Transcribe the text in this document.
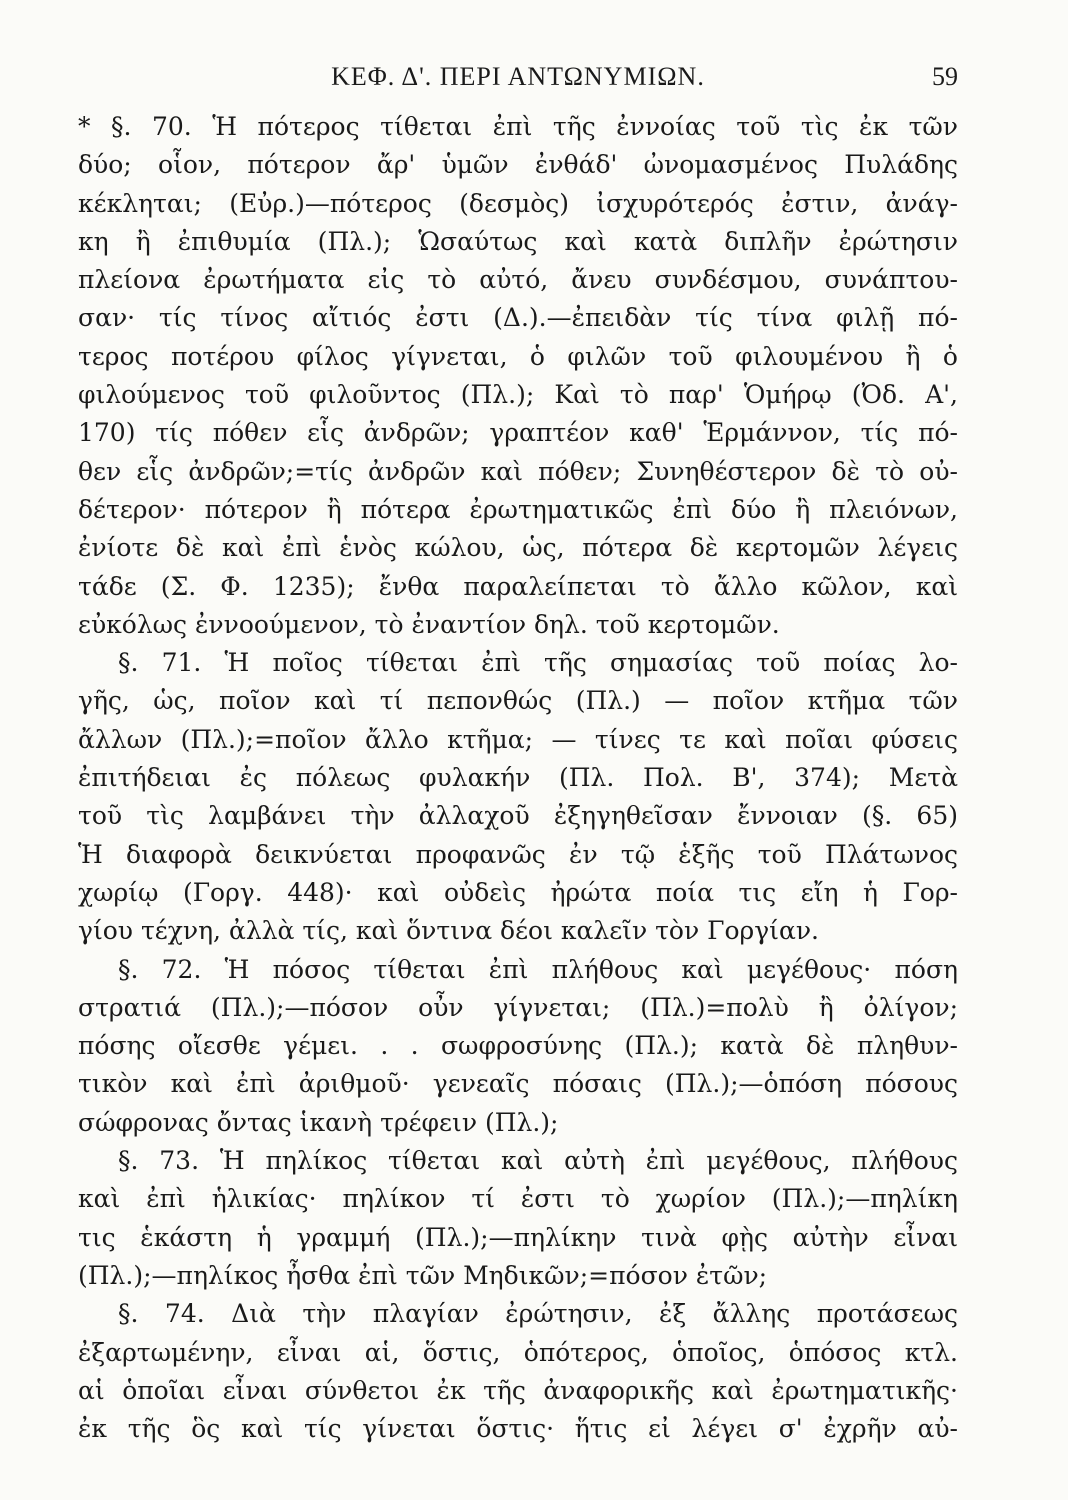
ΚΕΦ. Δ'. ΠΕΡΙ ΑΝΤΩΝΥΜΙΩΝ.	59
* §. 70. Ἡ πότερος τίθεται ἐπὶ τῆς ἐννοίας τοῦ τὶς ἐκ τῶν
δύο; οἷον, πότερον ἄρ' ὑμῶν ἐνθάδ' ὠνομασμένος Πυλάδης
κέκληται; (Εὐρ.)—πότερος (δεσμὸς) ἰσχυρότερός ἐστιν, ἀνάγ-
κη ἢ ἐπιθυμία (Πλ.); Ὡσαύτως καὶ κατὰ διπλῆν ἐρώτησιν
πλείονα ἐρωτήματα εἰς τὸ αὐτό, ἄνευ συνδέσμου, συνάπτου-
σαν· τίς τίνος αἴτιός ἐστι (Δ.).—ἐπειδὰν τίς τίνα φιλῇ πό-
τερος ποτέρου φίλος γίγνεται, ὁ φιλῶν τοῦ φιλουμένου ἢ ὁ
φιλούμενος τοῦ φιλοῦντος (Πλ.); Καὶ τὸ παρ' Ὁμήρῳ (Ὀδ. Α',
170) τίς πόθεν εἷς ἀνδρῶν; γραπτέον καθ' Ἑρμάννον, τίς πό-
θεν εἷς ἀνδρῶν;=τίς ἀνδρῶν καὶ πόθεν; Συνηθέστερον δὲ τὸ οὐ-
δέτερον· πότερον ἢ πότερα ἐρωτηματικῶς ἐπὶ δύο ἢ πλειόνων,
ἐνίοτε δὲ καὶ ἐπὶ ἑνὸς κώλου, ὡς, πότερα δὲ κερτομῶν λέγεις
τάδε (Σ. Φ. 1235); ἔνθα παραλείπεται τὸ ἄλλο κῶλον, καὶ
εὐκόλως ἐννοούμενον, τὸ ἐναντίον δηλ. τοῦ κερτομῶν.
§. 71. Ἡ ποῖος τίθεται ἐπὶ τῆς σημασίας τοῦ ποίας λο-
γῆς, ὡς, ποῖον καὶ τί πεπονθώς (Πλ.) — ποῖον κτῆμα τῶν
ἄλλων (Πλ.);=ποῖον ἄλλο κτῆμα; — τίνες τε καὶ ποῖαι φύσεις
ἐπιτήδειαι ἐς πόλεως φυλακήν (Πλ. Πολ. Β', 374); Μετὰ
τοῦ τὶς λαμβάνει τὴν ἀλλαχοῦ ἐξηγηθεῖσαν ἔννοιαν (§. 65)
Ἡ διαφορὰ δεικνύεται προφανῶς ἐν τῷ ἑξῆς τοῦ Πλάτωνος
χωρίῳ (Γοργ. 448)· καὶ οὐδεὶς ἠρώτα ποία τις εἴη ἡ Γορ-
γίου τέχνη, ἀλλὰ τίς, καὶ ὅντινα δέοι καλεῖν τὸν Γοργίαν.
§. 72. Ἡ πόσος τίθεται ἐπὶ πλήθους καὶ μεγέθους· πόση
στρατιά (Πλ.);—πόσον οὖν γίγνεται; (Πλ.)=πολὺ ἢ ὀλίγον;
πόσης οἴεσθε γέμει. . . σωφροσύνης (Πλ.); κατὰ δὲ πληθυν-
τικὸν καὶ ἐπὶ ἀριθμοῦ· γενεαῖς πόσαις (Πλ.);—ὁπόση πόσους
σώφρονας ὄντας ἱκανὴ τρέφειν (Πλ.);
§. 73. Ἡ πηλίκος τίθεται καὶ αὐτὴ ἐπὶ μεγέθους, πλήθους
καὶ ἐπὶ ἡλικίας· πηλίκον τί ἐστι τὸ χωρίον (Πλ.);—πηλίκη
τις ἑκάστη ἡ γραμμή (Πλ.);—πηλίκην τινὰ φῂς αὐτὴν εἶναι
(Πλ.);—πηλίκος ἦσθα ἐπὶ τῶν Μηδικῶν;=πόσον ἐτῶν;
§. 74. Διὰ τὴν πλαγίαν ἐρώτησιν, ἐξ ἄλλης προτάσεως
ἐξαρτωμένην, εἶναι αἱ, ὅστις, ὁπότερος, ὁποῖος, ὁπόσος κτλ.
αἱ ὁποῖαι εἶναι σύνθετοι ἐκ τῆς ἀναφορικῆς καὶ ἐρωτηματικῆς·
ἐκ τῆς ὃς καὶ τίς γίνεται ὅστις· ἥτις εἰ λέγει σ' ἐχρῆν αὐ-
